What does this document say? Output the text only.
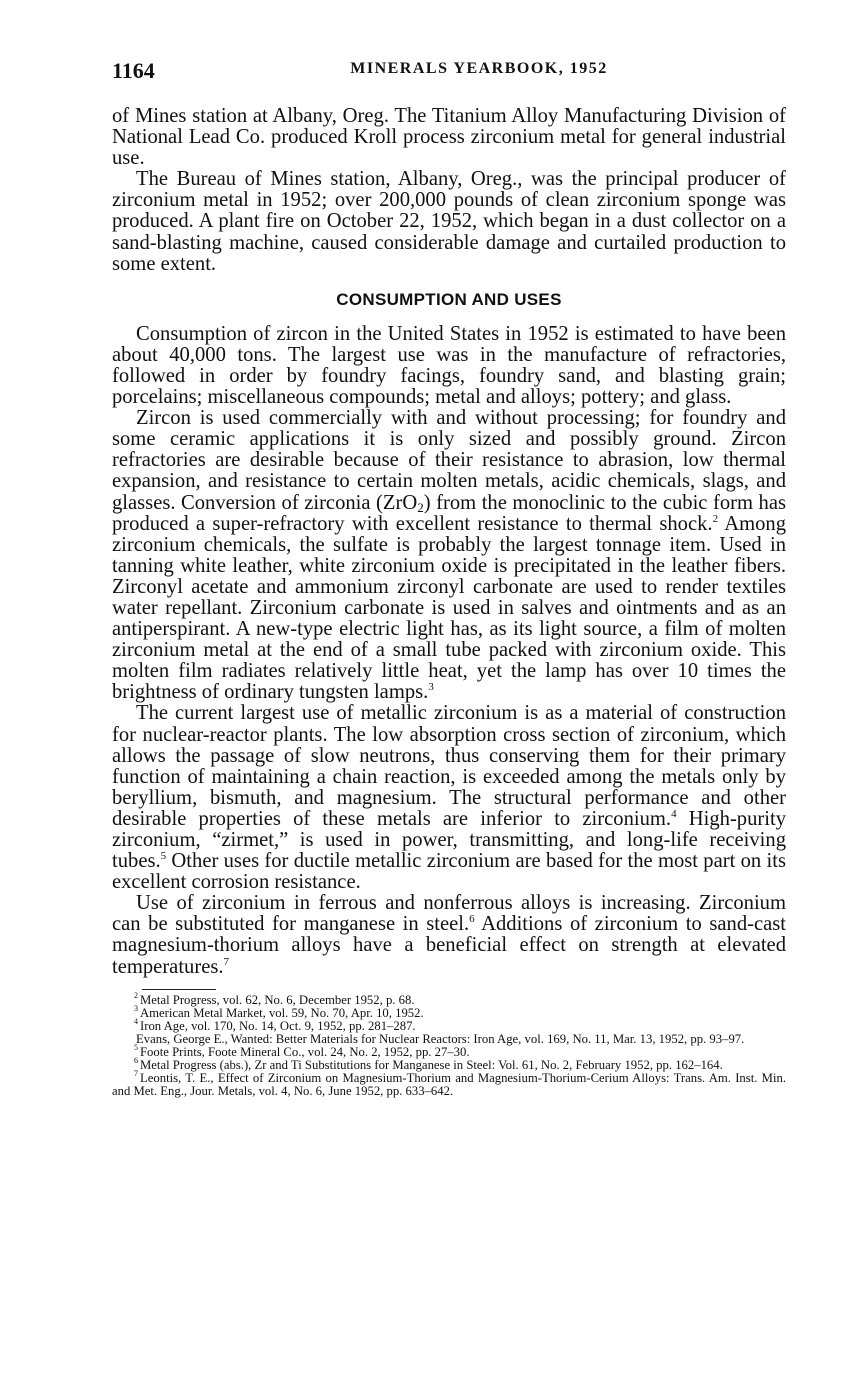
1164	MINERALS YEARBOOK, 1952

of Mines station at Albany, Oreg. The Titanium Alloy Manufacturing Division of National Lead Co. produced Kroll process zirconium metal for general industrial use.

The Bureau of Mines station, Albany, Oreg., was the principal producer of zirconium metal in 1952; over 200,000 pounds of clean zirconium sponge was produced. A plant fire on October 22, 1952, which began in a dust collector on a sand-blasting machine, caused considerable damage and curtailed production to some extent.

CONSUMPTION AND USES

Consumption of zircon in the United States in 1952 is estimated to have been about 40,000 tons. The largest use was in the manufacture of refractories, followed in order by foundry facings, foundry sand, and blasting grain; porcelains; miscellaneous compounds; metal and alloys; pottery; and glass.

Zircon is used commercially with and without processing; for foundry and some ceramic applications it is only sized and possibly ground. Zircon refractories are desirable because of their resistance to abrasion, low thermal expansion, and resistance to certain molten metals, acidic chemicals, slags, and glasses. Conversion of zirconia (ZrO$_2$) from the monoclinic to the cubic form has produced a super-refractory with excellent resistance to thermal shock.$^2$ Among zirconium chemicals, the sulfate is probably the largest tonnage item. Used in tanning white leather, white zirconium oxide is precipitated in the leather fibers. Zirconyl acetate and ammonium zirconyl carbonate are used to render textiles water repellant. Zirconium carbonate is used in salves and ointments and as an antiperspirant. A new-type electric light has, as its light source, a film of molten zirconium metal at the end of a small tube packed with zirconium oxide. This molten film radiates relatively little heat, yet the lamp has over 10 times the brightness of ordinary tungsten lamps.$^3$

The current largest use of metallic zirconium is as a material of construction for nuclear-reactor plants. The low absorption cross section of zirconium, which allows the passage of slow neutrons, thus conserving them for their primary function of maintaining a chain reaction, is exceeded among the metals only by beryllium, bismuth, and magnesium. The structural performance and other desirable properties of these metals are inferior to zirconium.$^4$ High-purity zirconium, “zirmet,” is used in power, transmitting, and long-life receiving tubes.$^5$ Other uses for ductile metallic zirconium are based for the most part on its excellent corrosion resistance.

Use of zirconium in ferrous and nonferrous alloys is increasing. Zirconium can be substituted for manganese in steel.$^6$ Additions of zirconium to sand-cast magnesium-thorium alloys have a beneficial effect on strength at elevated temperatures.$^7$

$^2$ Metal Progress, vol. 62, No. 6, December 1952, p. 68.

$^3$ American Metal Market, vol. 59, No. 70, Apr. 10, 1952.

$^4$ Iron Age, vol. 170, No. 14, Oct. 9, 1952, pp. 281–287.

Evans, George E., Wanted: Better Materials for Nuclear Reactors: Iron Age, vol. 169, No. 11, Mar. 13, 1952, pp. 93–97.

$^5$ Foote Prints, Foote Mineral Co., vol. 24, No. 2, 1952, pp. 27–30.

$^6$ Metal Progress (abs.), Zr and Ti Substitutions for Manganese in Steel: Vol. 61, No. 2, February 1952, pp. 162–164.

$^7$ Leontis, T. E., Effect of Zirconium on Magnesium-Thorium and Magnesium-Thorium-Cerium Alloys: Trans. Am. Inst. Min. and Met. Eng., Jour. Metals, vol. 4, No. 6, June 1952, pp. 633–642.
